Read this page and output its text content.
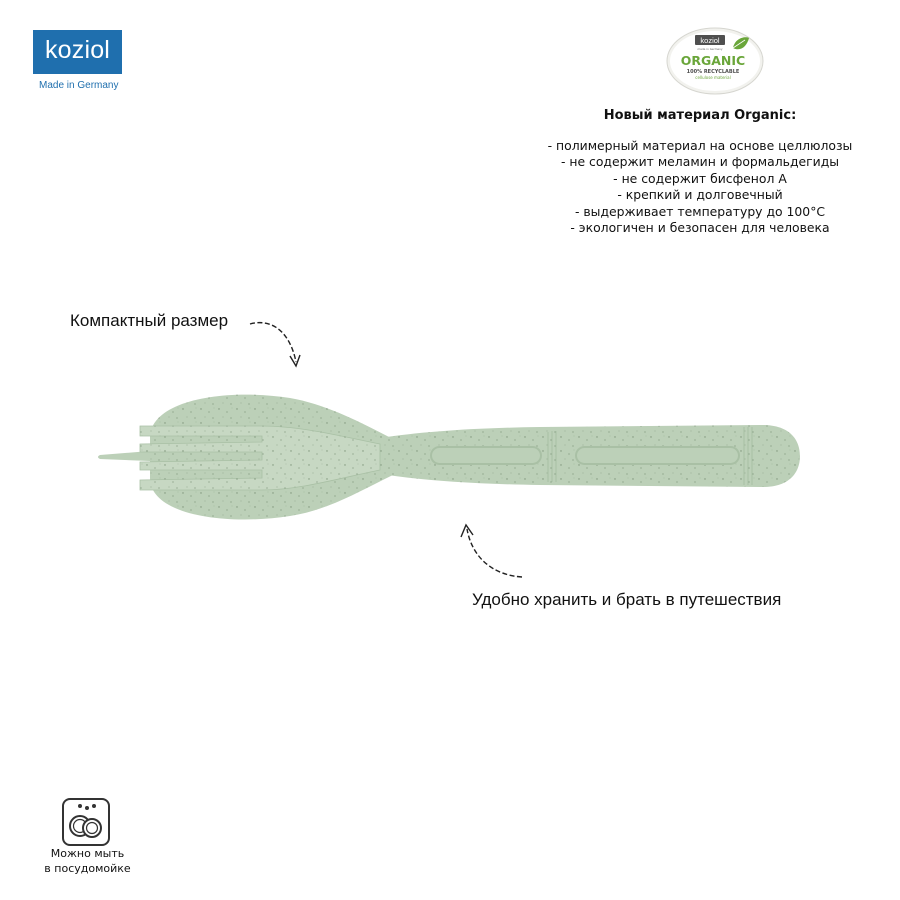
koziol
Made in Germany
koziol
made in Germany
ORGANIC
100% RECYCLABLE
cellulose material
Новый материал Organic:
- полимерный материал на основе целлюлозы
- не содержит меламин и формальдегиды
- не содержит бисфенол А
- крепкий и долговечный
- выдерживает температуру до 100°C
- экологичен и безопасен для человека
Компактный размер
Удобно хранить и брать в путешествия
Можно мыть
в посудомойке
